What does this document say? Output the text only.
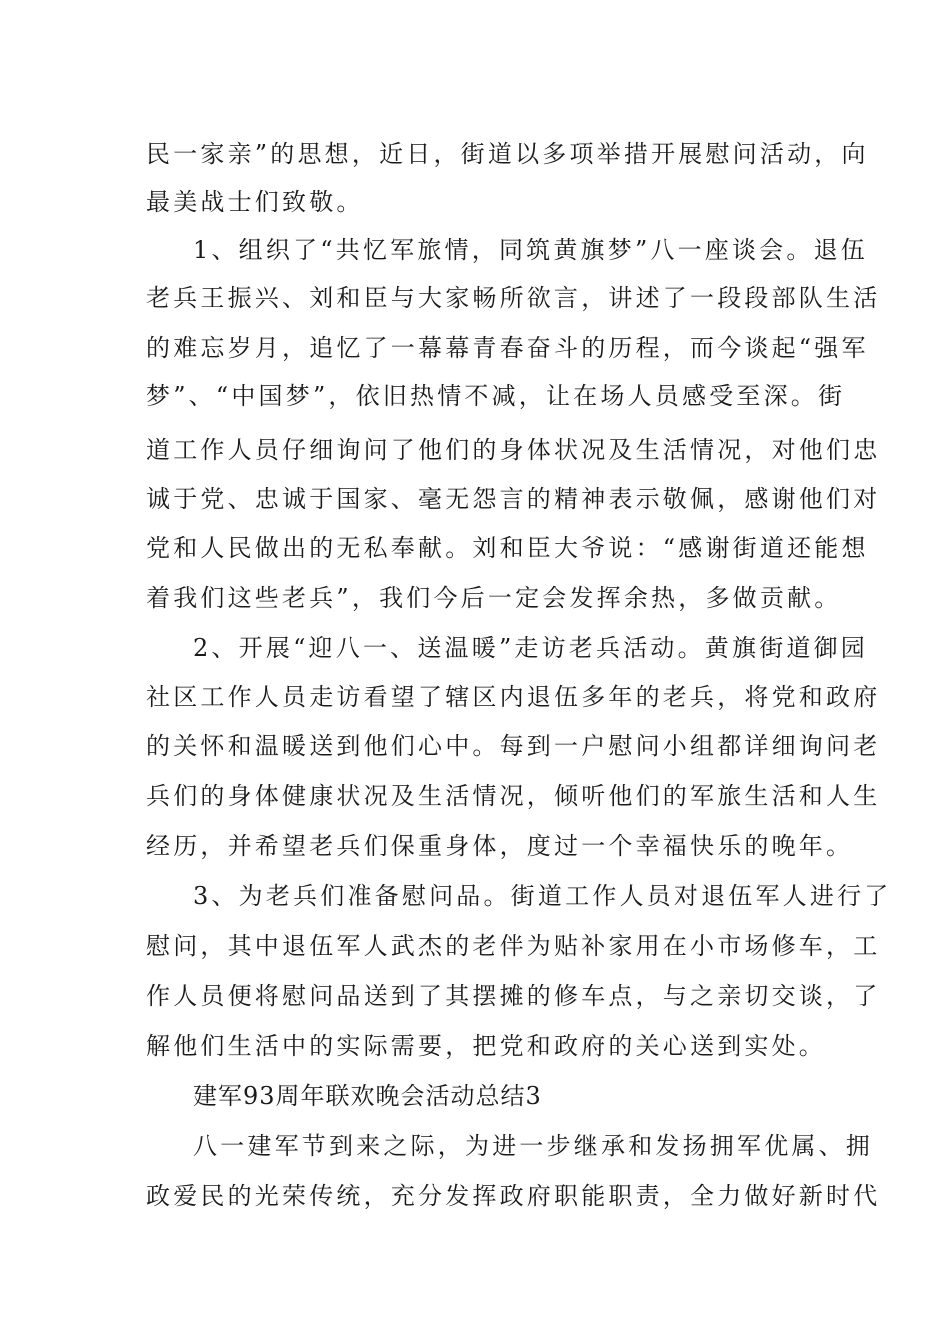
民一家亲”的思想，近日，街道以多项举措开展慰问活动，向
最美战士们致敬。
1、组织了“共忆军旅情，同筑黄旗梦”八一座谈会。退伍
老兵王振兴、刘和臣与大家畅所欲言，讲述了一段段部队生活
的难忘岁月，追忆了一幕幕青春奋斗的历程，而今谈起“强军
梦”、“中国梦”，依旧热情不减，让在场人员感受至深。街
道工作人员仔细询问了他们的身体状况及生活情况，对他们忠
诚于党、忠诚于国家、毫无怨言的精神表示敬佩，感谢他们对
党和人民做出的无私奉献。刘和臣大爷说：“感谢街道还能想
着我们这些老兵”，我们今后一定会发挥余热，多做贡献。
2、开展“迎八一、送温暖”走访老兵活动。黄旗街道御园
社区工作人员走访看望了辖区内退伍多年的老兵，将党和政府
的关怀和温暖送到他们心中。每到一户慰问小组都详细询问老
兵们的身体健康状况及生活情况，倾听他们的军旅生活和人生
经历，并希望老兵们保重身体，度过一个幸福快乐的晚年。
3、为老兵们准备慰问品。街道工作人员对退伍军人进行了
慰问，其中退伍军人武杰的老伴为贴补家用在小市场修车，工
作人员便将慰问品送到了其摆摊的修车点，与之亲切交谈，了
解他们生活中的实际需要，把党和政府的关心送到实处。
建军93周年联欢晚会活动总结3
八一建军节到来之际，为进一步继承和发扬拥军优属、拥
政爱民的光荣传统，充分发挥政府职能职责，全力做好新时代
